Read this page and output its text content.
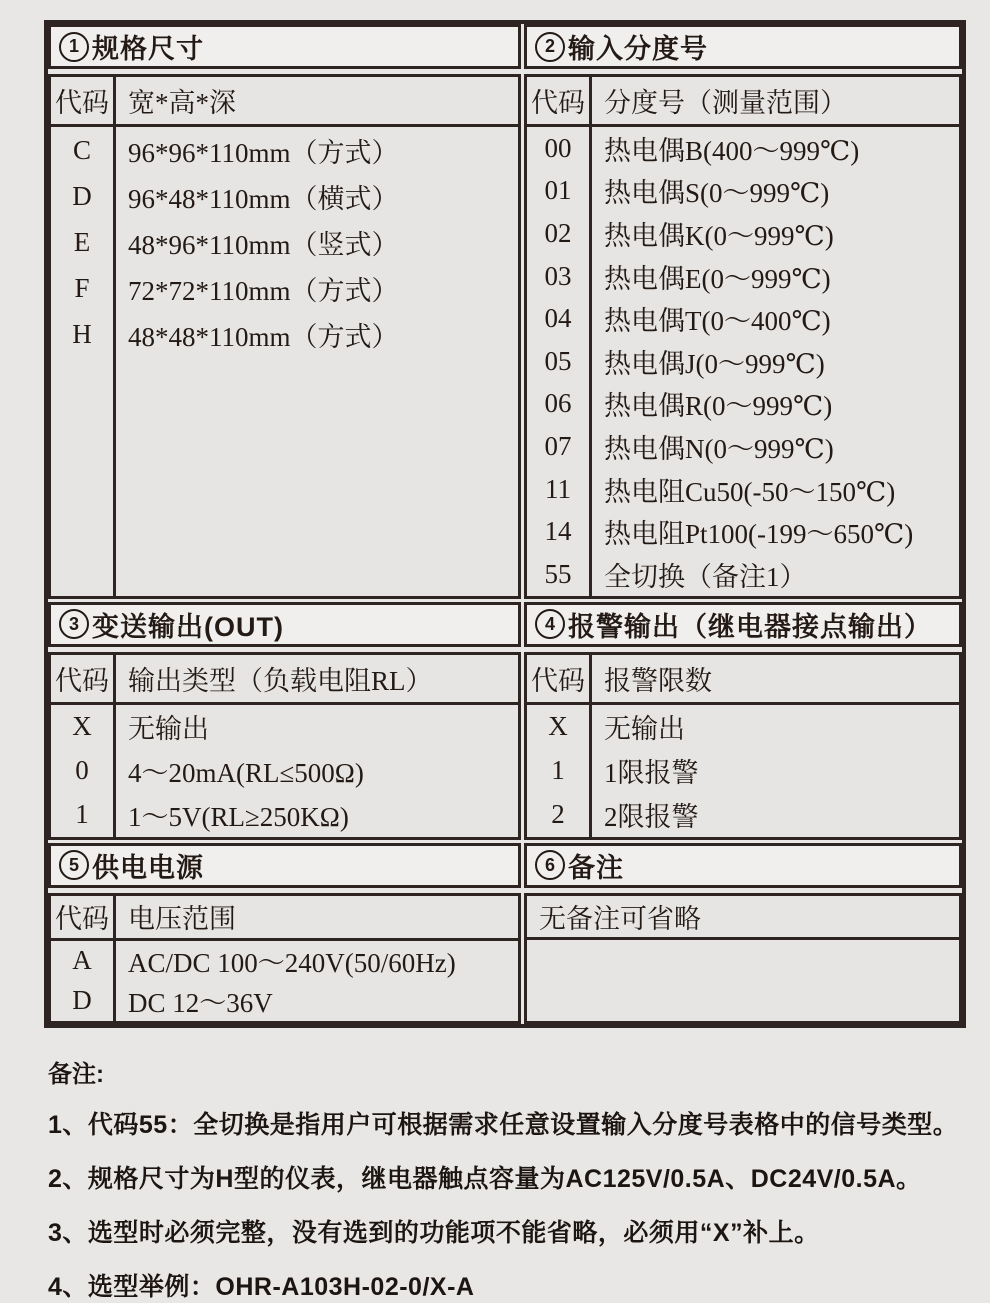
1 规格尺寸
代码 宽*高*深
C
D
E
F
H
96*96*110mm（方式）
96*48*110mm（横式）
48*96*110mm（竖式）
72*72*110mm（方式）
48*48*110mm（方式）
2 输入分度号
代码 分度号（测量范围）
00
01
02
03
04
05
06
07
11
14
55
热电偶B(400～999℃)
热电偶S(0～999℃)
热电偶K(0～999℃)
热电偶E(0～999℃)
热电偶T(0～400℃)
热电偶J(0～999℃)
热电偶R(0～999℃)
热电偶N(0～999℃)
热电阻Cu50(-50～150℃)
热电阻Pt100(-199～650℃)
全切换（备注1）
3 变送输出(OUT)
代码 输出类型（负载电阻RL）
X
0
1
无输出
4～20mA(RL≤500Ω)
1～5V(RL≥250KΩ)
4 报警输出（继电器接点输出）
代码 报警限数
X
1
2
无输出
1限报警
2限报警
5 供电电源
代码 电压范围
A
D
AC/DC 100～240V(50/60Hz)
DC 12～36V
6 备注
无备注可省略
备注:
1、代码55：全切换是指用户可根据需求任意设置输入分度号表格中的信号类型。
2、规格尺寸为H型的仪表，继电器触点容量为AC125V/0.5A、DC24V/0.5A。
3、选型时必须完整，没有选到的功能项不能省略，必须用“X”补上。
4、选型举例：OHR-A103H-02-0/X-A
